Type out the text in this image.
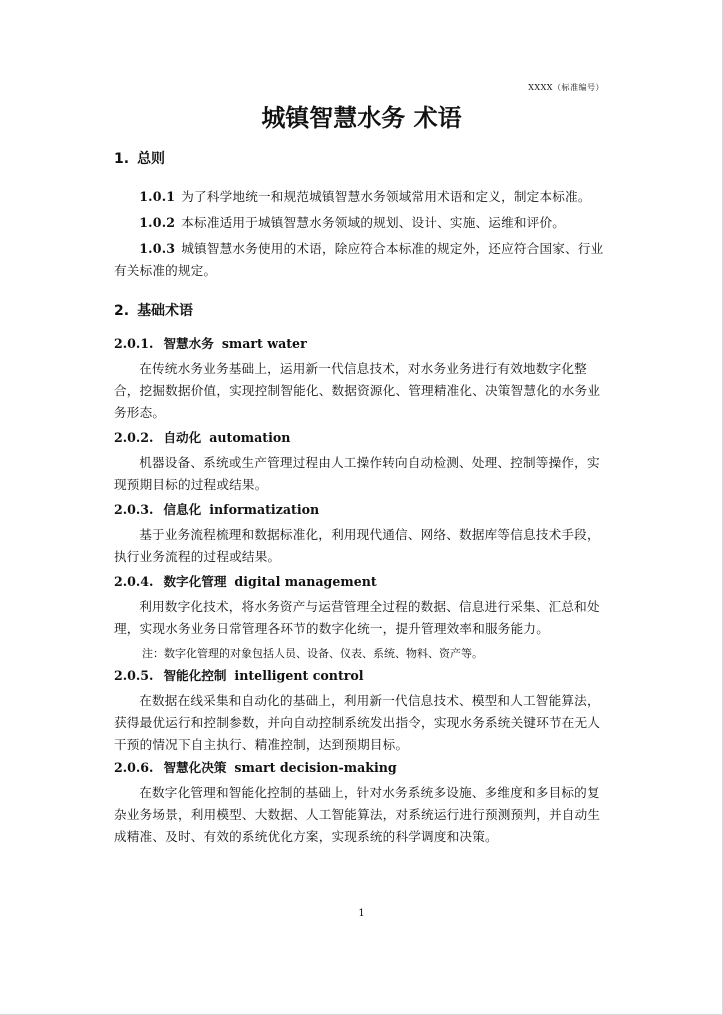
XXXX（标准编号）
城镇智慧水务 术语
1. 总则

1.0.1 为了科学地统一和规范城镇智慧水务领域常用术语和定义，制定本标准。

1.0.2 本标准适用于城镇智慧水务领域的规划、设计、实施、运维和评价。

1.0.3 城镇智慧水务使用的术语，除应符合本标准的规定外，还应符合国家、行业有关标准的规定。

2. 基础术语

2.0.1. 智慧水务 smart water

在传统水务业务基础上，运用新一代信息技术，对水务业务进行有效地数字化整合，挖掘数据价值，实现控制智能化、数据资源化、管理精准化、决策智慧化的水务业务形态。

2.0.2. 自动化 automation

机器设备、系统或生产管理过程由人工操作转向自动检测、处理、控制等操作，实现预期目标的过程或结果。

2.0.3. 信息化 informatization

基于业务流程梳理和数据标准化，利用现代通信、网络、数据库等信息技术手段，执行业务流程的过程或结果。

2.0.4. 数字化管理 digital management

利用数字化技术，将水务资产与运营管理全过程的数据、信息进行采集、汇总和处理，实现水务业务日常管理各环节的数字化统一，提升管理效率和服务能力。

注：数字化管理的对象包括人员、设备、仪表、系统、物料、资产等。

2.0.5. 智能化控制 intelligent control

在数据在线采集和自动化的基础上，利用新一代信息技术、模型和人工智能算法，获得最优运行和控制参数，并向自动控制系统发出指令，实现水务系统关键环节在无人干预的情况下自主执行、精准控制，达到预期目标。

2.0.6. 智慧化决策 smart decision-making

在数字化管理和智能化控制的基础上，针对水务系统多设施、多维度和多目标的复杂业务场景，利用模型、大数据、人工智能算法，对系统运行进行预测预判，并自动生成精准、及时、有效的系统优化方案，实现系统的科学调度和决策。

1
